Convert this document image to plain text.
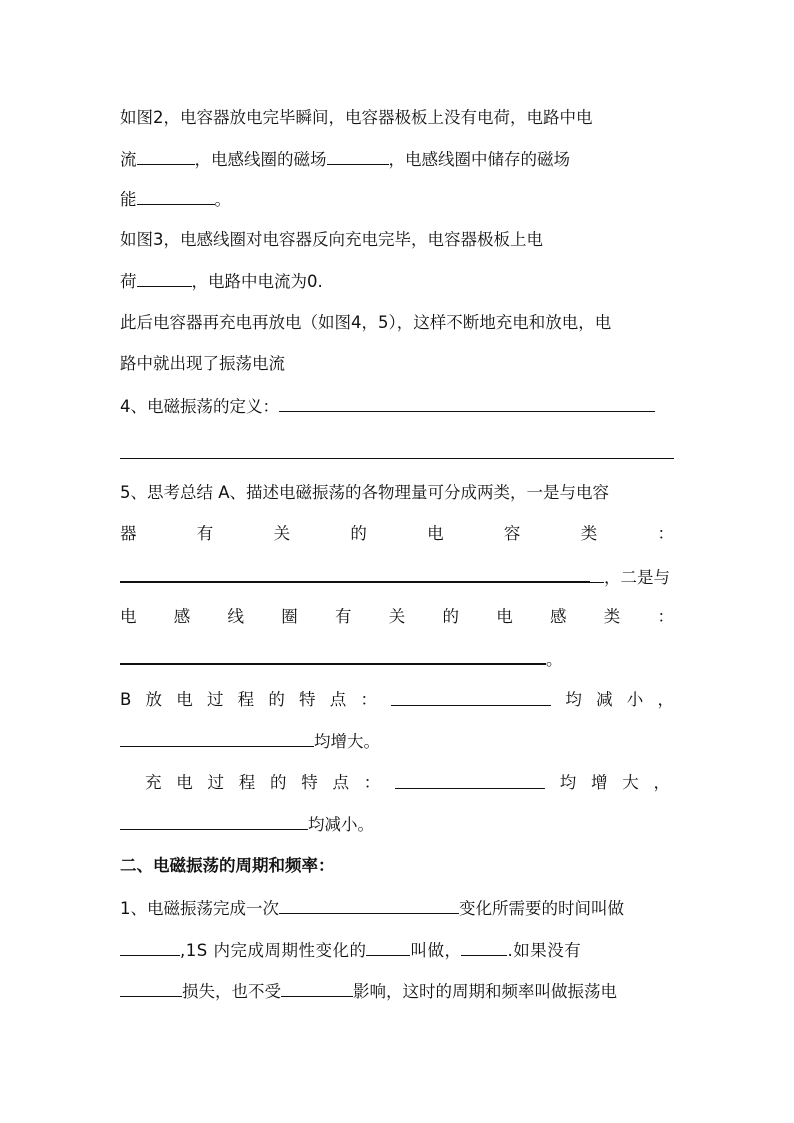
如图2，电容器放电完毕瞬间，电容器极板上没有电荷，电路中电
流	，电感线圈的磁场	，电感线圈中储存的磁场
能	。
如图3，电感线圈对电容器反向充电完毕，电容器极板上电
荷	，电路中电流为0.
此后电容器再充电再放电（如图4，5），这样不断地充电和放电，电
路中就出现了振荡电流
4、电磁振荡的定义：
5、思考总结 A、描述电磁振荡的各物理量可分成两类，一是与电容
器	有	关	的	电	容	类	：
，二是与
电 感 线 圈 有 关 的 电 感 类 ：
。
B 放 电 过 程 的 特 点 ：	均 减 小 ，
均增大。
充 电 过 程 的 特 点 ：	均 增 大 ，
均减小。
二、电磁振荡的周期和频率：
1、电磁振荡完成一次	变化所需要的时间叫做
,1S 内完成周期性变化的	叫做，	.如果没有
损失，也不受	影响，这时的周期和频率叫做振荡电
